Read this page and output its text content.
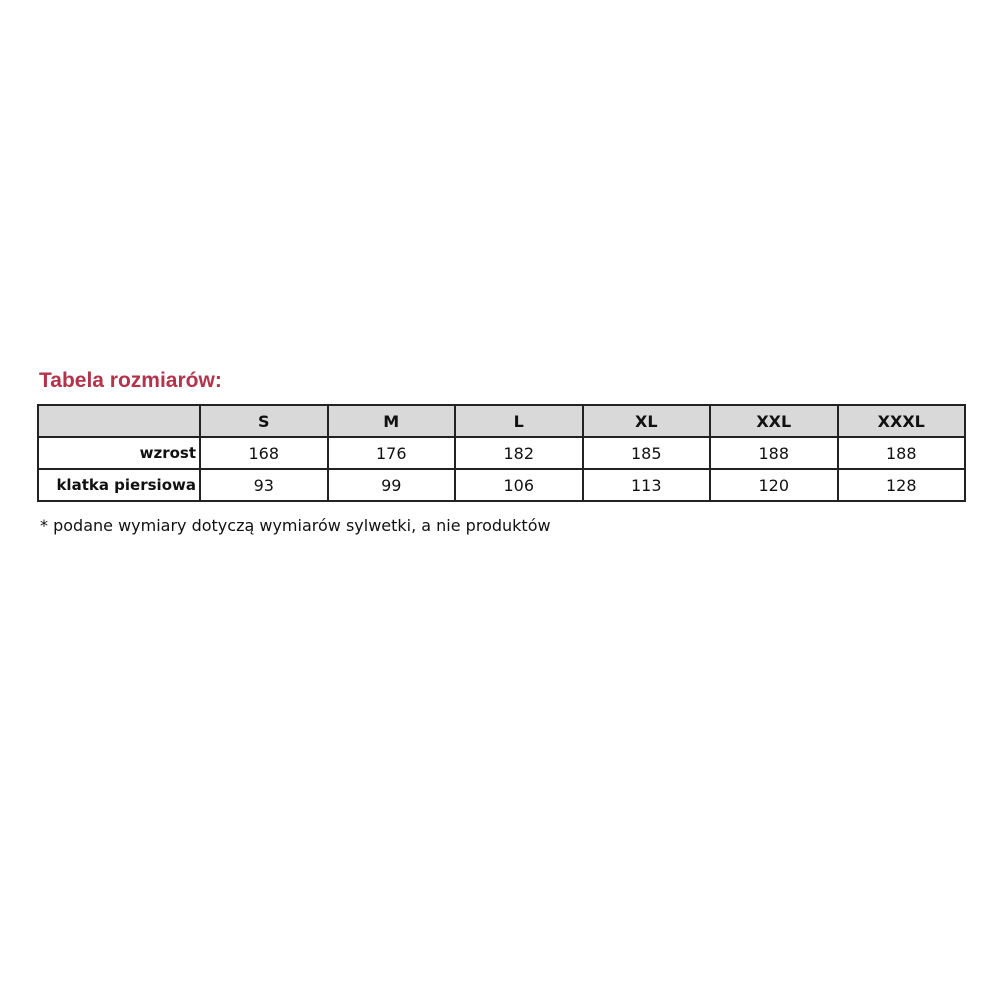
Tabela rozmiarów:
	S	M	L	XL	XXL	XXXL
wzrost	168	176	182	185	188	188
klatka piersiowa	93	99	106	113	120	128
* podane wymiary dotyczą wymiarów sylwetki, a nie produktów
